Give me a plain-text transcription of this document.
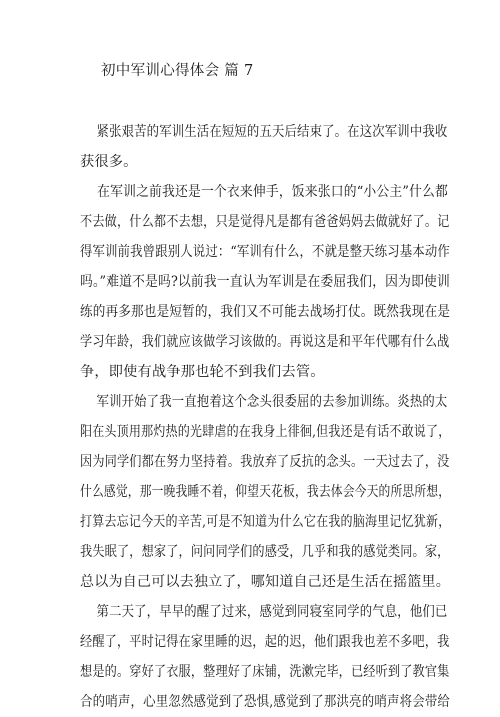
初中军训心得体会 篇 7
紧张艰苦的军训生活在短短的五天后结束了。在这次军训中我收
获很多。
在军训之前我还是一个衣来伸手，饭来张口的“小公主”什么都
不去做，什么都不去想，只是觉得凡是都有爸爸妈妈去做就好了。记
得军训前我曾跟别人说过：“军训有什么，不就是整天练习基本动作
吗。”难道不是吗?以前我一直认为军训是在委屈我们，因为即使训
练的再多那也是短暂的，我们又不可能去战场打仗。既然我现在是
学习年龄，我们就应该做学习该做的。再说这是和平年代哪有什么战
争，即使有战争那也轮不到我们去管。
军训开始了我一直抱着这个念头很委屈的去参加训练。炎热的太
阳在头顶用那灼热的光肆虐的在我身上徘徊,但我还是有话不敢说了，
因为同学们都在努力坚持着。我放弃了反抗的念头。一天过去了，没
什么感觉，那一晚我睡不着，仰望天花板，我去体会今天的所思所想，
打算去忘记今天的辛苦,可是不知道为什么它在我的脑海里记忆犹新，
我失眠了，想家了，问问同学们的感受，几乎和我的感觉类同。家，
总以为自己可以去独立了，哪知道自己还是生活在摇篮里。
第二天了，早早的醒了过来，感觉到同寝室同学的气息，他们已
经醒了，平时记得在家里睡的迟，起的迟，他们跟我也差不多吧，我
想是的。穿好了衣服，整理好了床铺，洗漱完毕，已经听到了教官集
合的哨声，心里忽然感觉到了恐惧,感觉到了那洪亮的哨声将会带给
